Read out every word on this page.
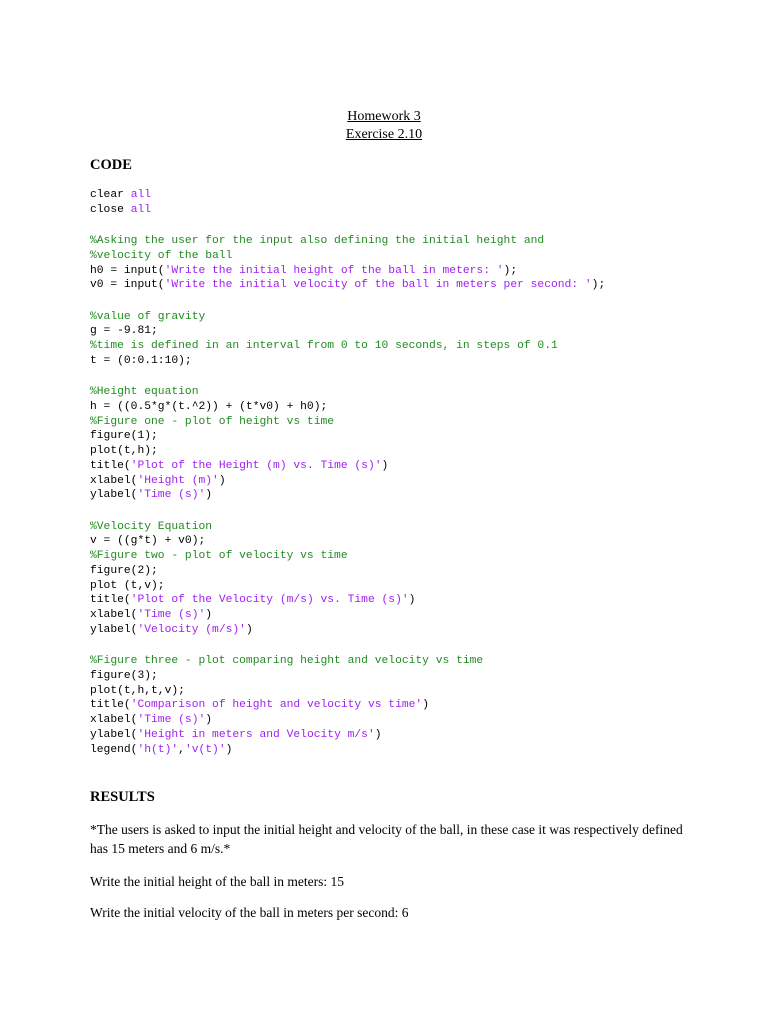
Homework 3
Exercise 2.10
CODE
clear all
close all
%Asking the user for the input also defining the initial height and
%velocity of the ball
h0 = input('Write the initial height of the ball in meters: ');
v0 = input('Write the initial velocity of the ball in meters per second: ');
%value of gravity
g = -9.81;
%time is defined in an interval from 0 to 10 seconds, in steps of 0.1
t = (0:0.1:10);
%Height equation
h = ((0.5*g*(t.^2)) + (t*v0) + h0);
%Figure one - plot of height vs time
figure(1);
plot(t,h);
title('Plot of the Height (m) vs. Time (s)')
xlabel('Height (m)')
ylabel('Time (s)')
%Velocity Equation
v = ((g*t) + v0);
%Figure two - plot of velocity vs time
figure(2);
plot (t,v);
title('Plot of the Velocity (m/s) vs. Time (s)')
xlabel('Time (s)')
ylabel('Velocity (m/s)')
%Figure three - plot comparing height and velocity vs time
figure(3);
plot(t,h,t,v);
title('Comparison of height and velocity vs time')
xlabel('Time (s)')
ylabel('Height in meters and Velocity m/s')
legend('h(t)','v(t)')
RESULTS

*The users is asked to input the initial height and velocity of the ball, in these case it was respectively defined has 15 meters and 6 m/s.*

Write the initial height of the ball in meters: 15

Write the initial velocity of the ball in meters per second: 6
